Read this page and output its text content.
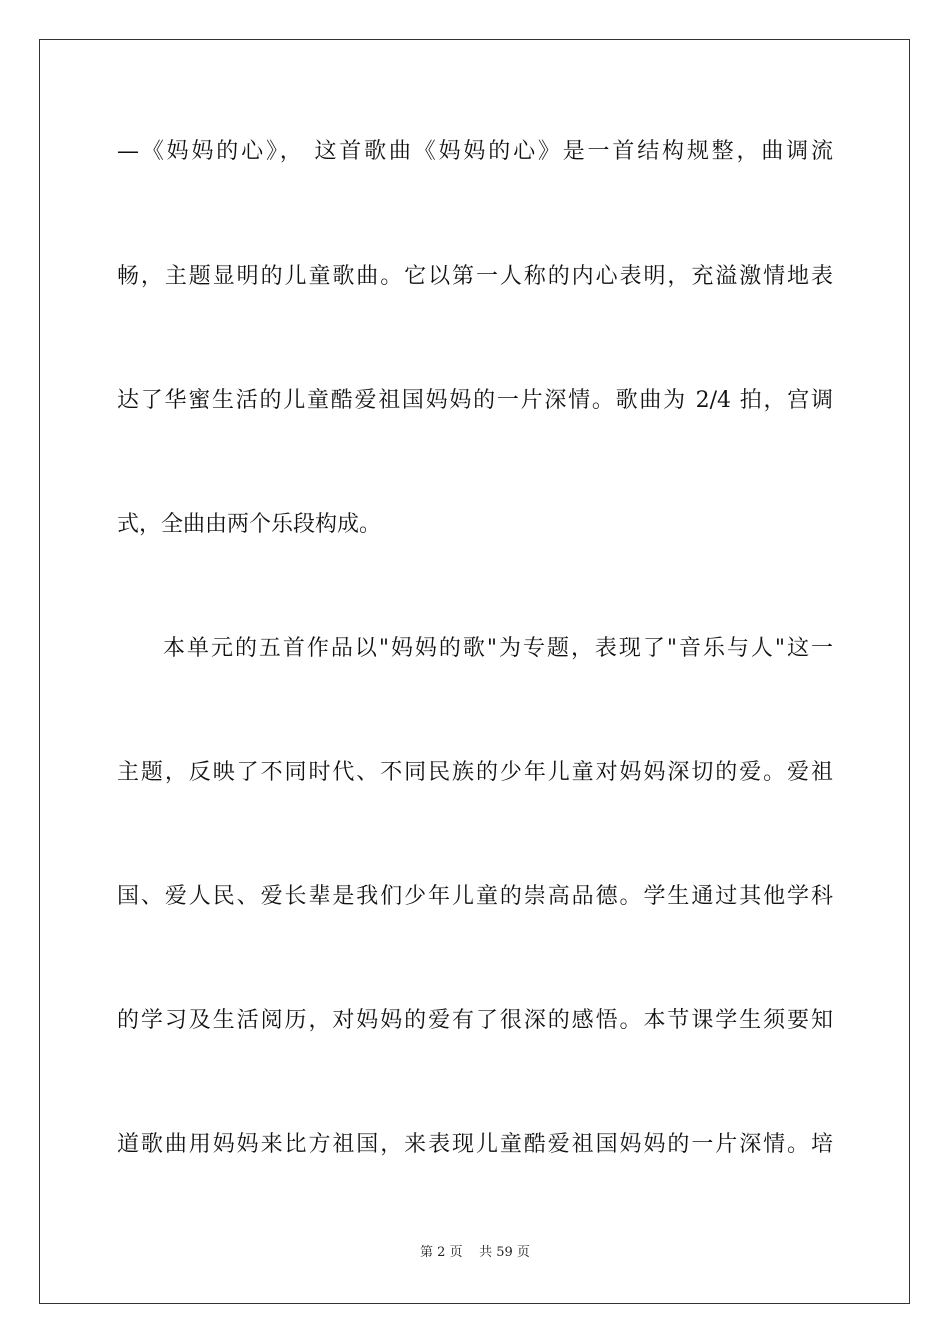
—《妈妈的心》， 这首歌曲《妈妈的心》是一首结构规整，曲调流
畅，主题显明的儿童歌曲。它以第一人称的内心表明，充溢激情地表
达了华蜜生活的儿童酷爱祖国妈妈的一片深情。歌曲为 2/4 拍，宫调
式，全曲由两个乐段构成。
本单元的五首作品以"妈妈的歌"为专题，表现了"音乐与人"这一
主题，反映了不同时代、不同民族的少年儿童对妈妈深切的爱。爱祖
国、爱人民、爱长辈是我们少年儿童的崇高品德。学生通过其他学科
的学习及生活阅历，对妈妈的爱有了很深的感悟。本节课学生须要知
道歌曲用妈妈来比方祖国，来表现儿童酷爱祖国妈妈的一片深情。培
第 2 页 共 59 页
